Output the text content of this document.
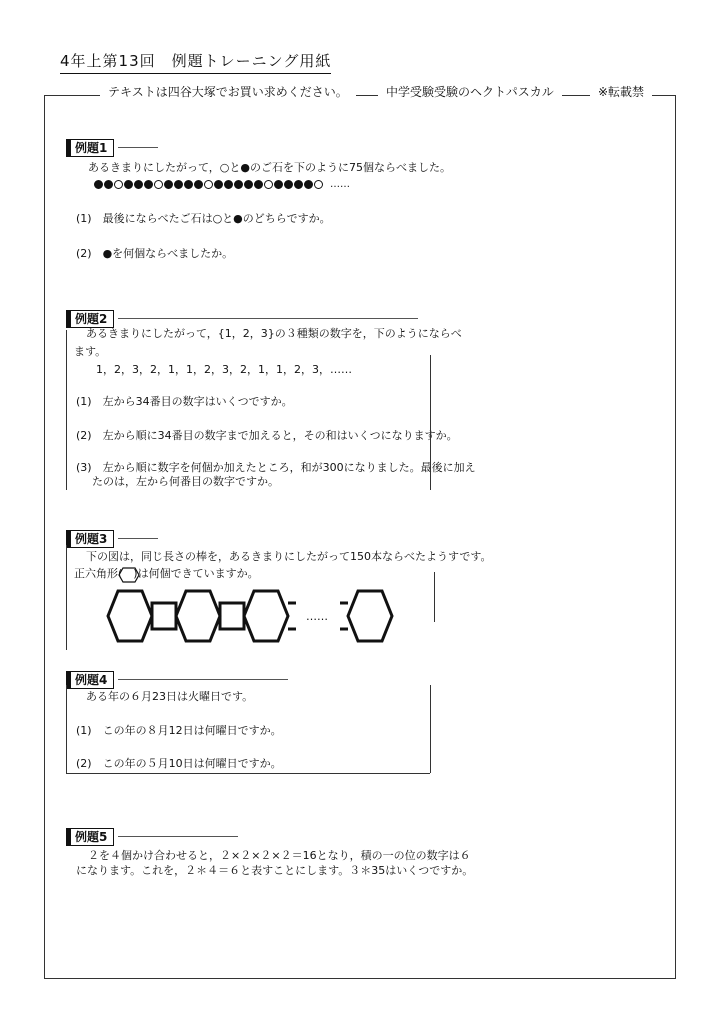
4年上第13回　例題トレーニング用紙
テキストは四谷大塚でお買い求めください。	中学受験受験のヘクトパスカル	※転載禁
例題1
あるきまりにしたがって，○と●のご石を下のように75個ならべました。
……
(1)　最後にならべたご石は○と●のどちらですか。
(2)　●を何個ならべましたか。
例題2
あるきまりにしたがって，{1，2，3}の３種類の数字を，下のようにならべ
ます。
1，2，3，2，1，1，2，3，2，1，1，2，3，……
(1)　左から34番目の数字はいくつですか。
(2)　左から順に34番目の数字まで加えると，その和はいくつになりますか。
(3)　左から順に数字を何個か加えたところ，和が300になりました。最後に加え
たのは，左から何番目の数字ですか。
例題3
下の図は，同じ長さの棒を，あるきまりにしたがって150本ならべたようすです。
正六角形(　)は何個できていますか。
……
例題4
ある年の６月23日は火曜日です。
(1)　この年の８月12日は何曜日ですか。
(2)　この年の５月10日は何曜日ですか。
例題5
２を４個かけ合わせると，２×２×２×２＝16となり，積の一の位の数字は６
になります。これを，２＊４＝６と表すことにします。３＊35はいくつですか。
